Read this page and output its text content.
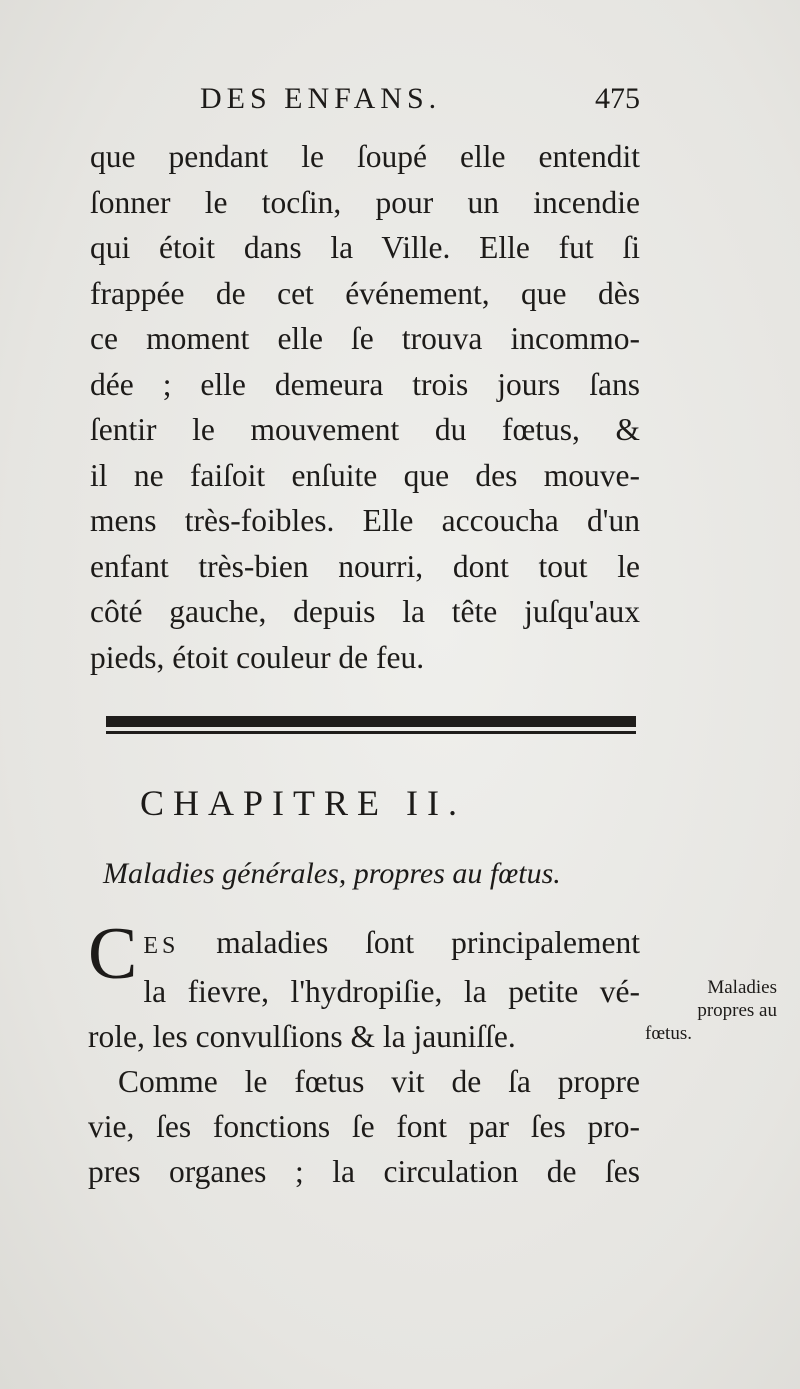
DES ENFANS.	475
que pendant le ſoupé elle entendit
ſonner le tocſin, pour un incendie
qui étoit dans la Ville. Elle fut ſi
frappée de cet événement, que dès
ce moment elle ſe trouva incommo-
dée ; elle demeura trois jours ſans
ſentir le mouvement du fœtus, &
il ne faiſoit enſuite que des mouve-
mens très-foibles. Elle accoucha d'un
enfant très-bien nourri, dont tout le
côté gauche, depuis la tête juſqu'aux
pieds, étoit couleur de feu.
CHAPITRE II.
Maladies générales, propres au fœtus.
C ES maladies ſont principalement
la fievre, l'hydropiſie, la petite vé-
role, les convulſions & la jauniſſe.
Comme le fœtus vit de ſa propre
vie, ſes fonctions ſe font par ſes pro-
pres organes ; la circulation de ſes
Maladies
propres au
fœtus.
